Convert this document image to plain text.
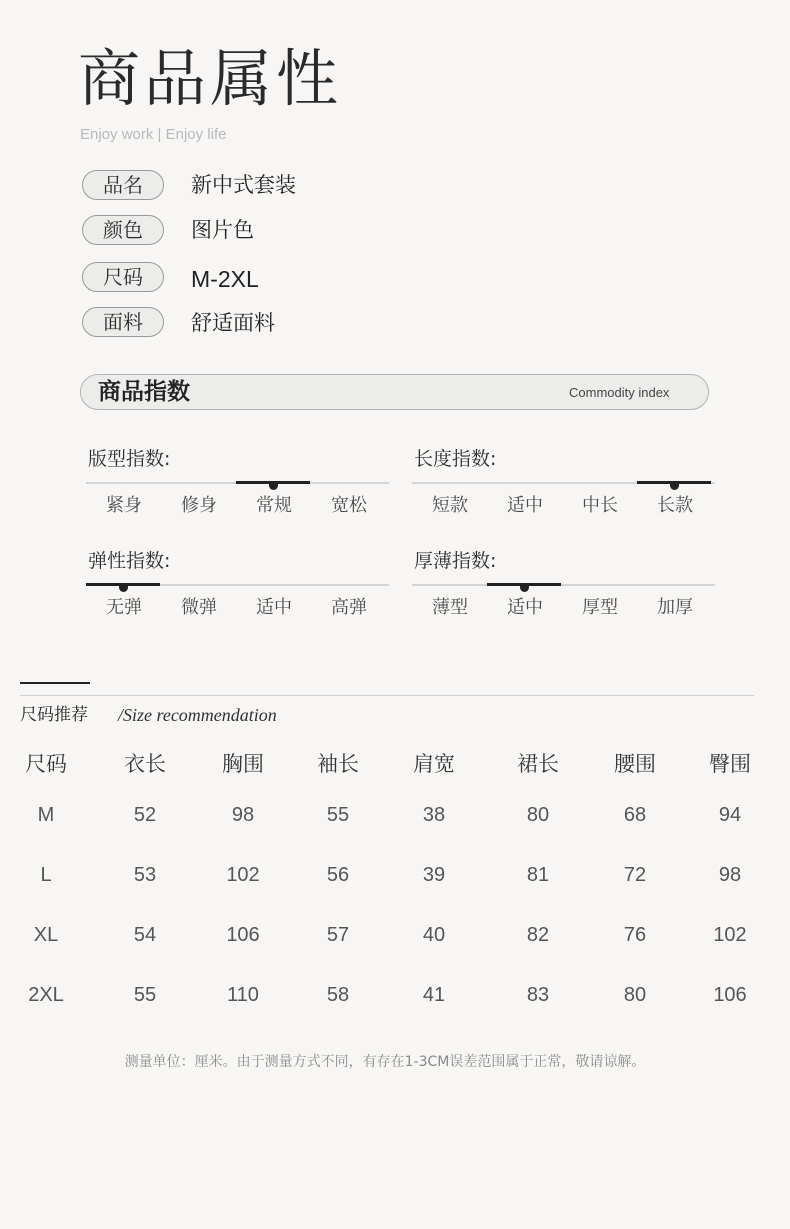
商品属性
Enjoy work | Enjoy life
品名	新中式套装
颜色	图片色
尺码	M-2XL
面料	舒适面料
商品指数	Commodity index
版型指数:
紧身	修身	常规	宽松
长度指数:
短款	适中	中长	长款
弹性指数:
无弹	微弹	适中	高弹
厚薄指数:
薄型	适中	厚型	加厚
尺码推荐 /Size recommendation
尺码	衣长	胸围	袖长	肩宽	裙长	腰围	臀围
M	52	98	55	38	80	68	94
L	53	102	56	39	81	72	98
XL	54	106	57	40	82	76	102
2XL	55	110	58	41	83	80	106
测量单位：厘米。由于测量方式不同，有存在1-3CM误差范围属于正常，敬请谅解。
